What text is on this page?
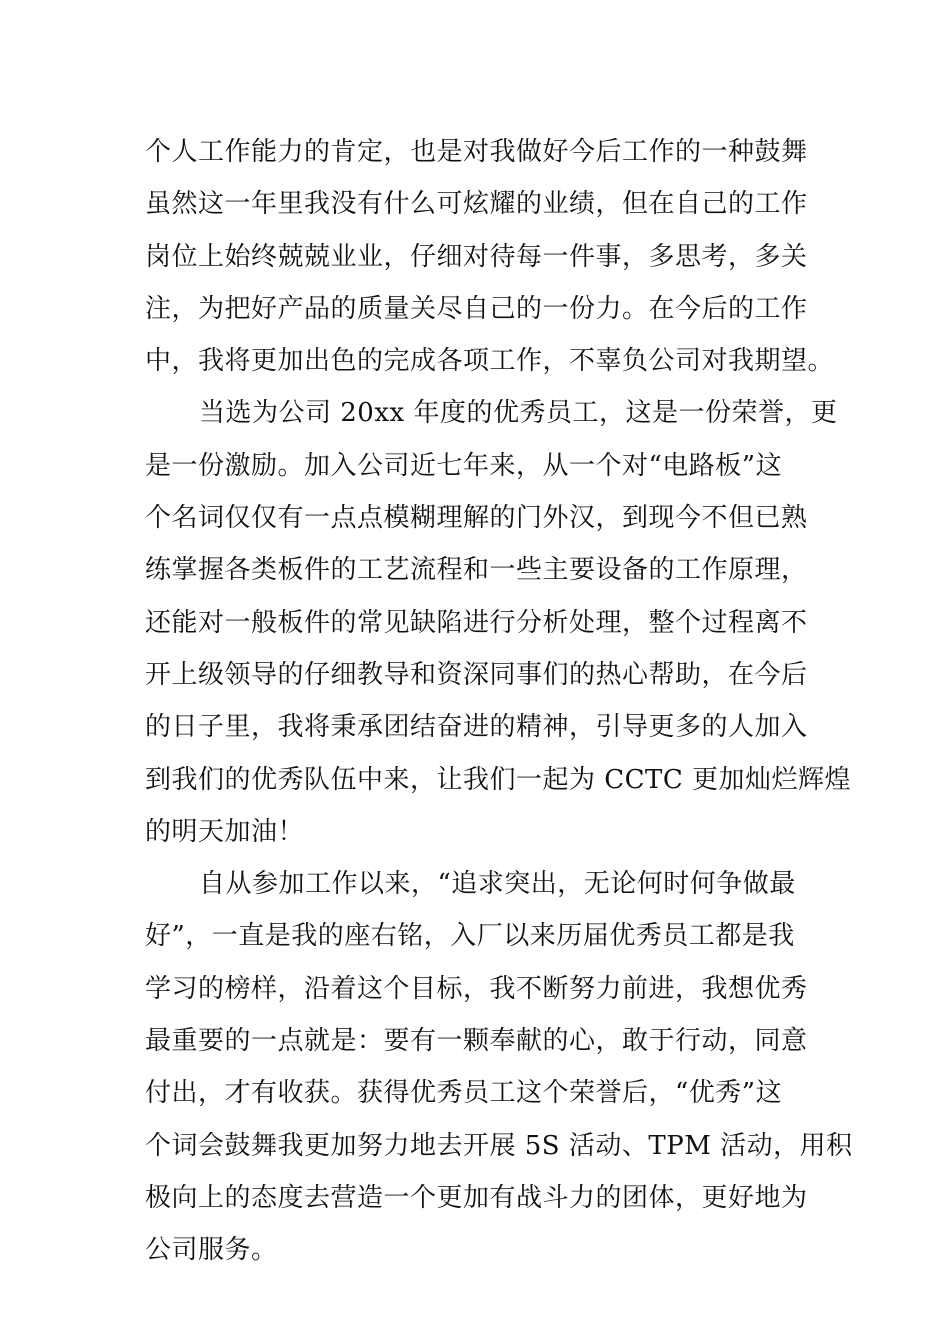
个人工作能力的肯定，也是对我做好今后工作的一种鼓舞
虽然这一年里我没有什么可炫耀的业绩，但在自己的工作
岗位上始终兢兢业业，仔细对待每一件事，多思考，多关
注，为把好产品的质量关尽自己的一份力。在今后的工作
中，我将更加出色的完成各项工作，不辜负公司对我期望。
当选为公司 20xx 年度的优秀员工，这是一份荣誉，更
是一份激励。加入公司近七年来，从一个对“电路板”这
个名词仅仅有一点点模糊理解的门外汉，到现今不但已熟
练掌握各类板件的工艺流程和一些主要设备的工作原理，
还能对一般板件的常见缺陷进行分析处理，整个过程离不
开上级领导的仔细教导和资深同事们的热心帮助，在今后
的日子里，我将秉承团结奋进的精神，引导更多的人加入
到我们的优秀队伍中来，让我们一起为 CCTC 更加灿烂辉煌
的明天加油！
自从参加工作以来，“追求突出，无论何时何争做最
好”，一直是我的座右铭，入厂以来历届优秀员工都是我
学习的榜样，沿着这个目标，我不断努力前进，我想优秀
最重要的一点就是：要有一颗奉献的心，敢于行动，同意
付出，才有收获。获得优秀员工这个荣誉后，“优秀”这
个词会鼓舞我更加努力地去开展 5S 活动、TPM 活动，用积
极向上的态度去营造一个更加有战斗力的团体，更好地为
公司服务。
